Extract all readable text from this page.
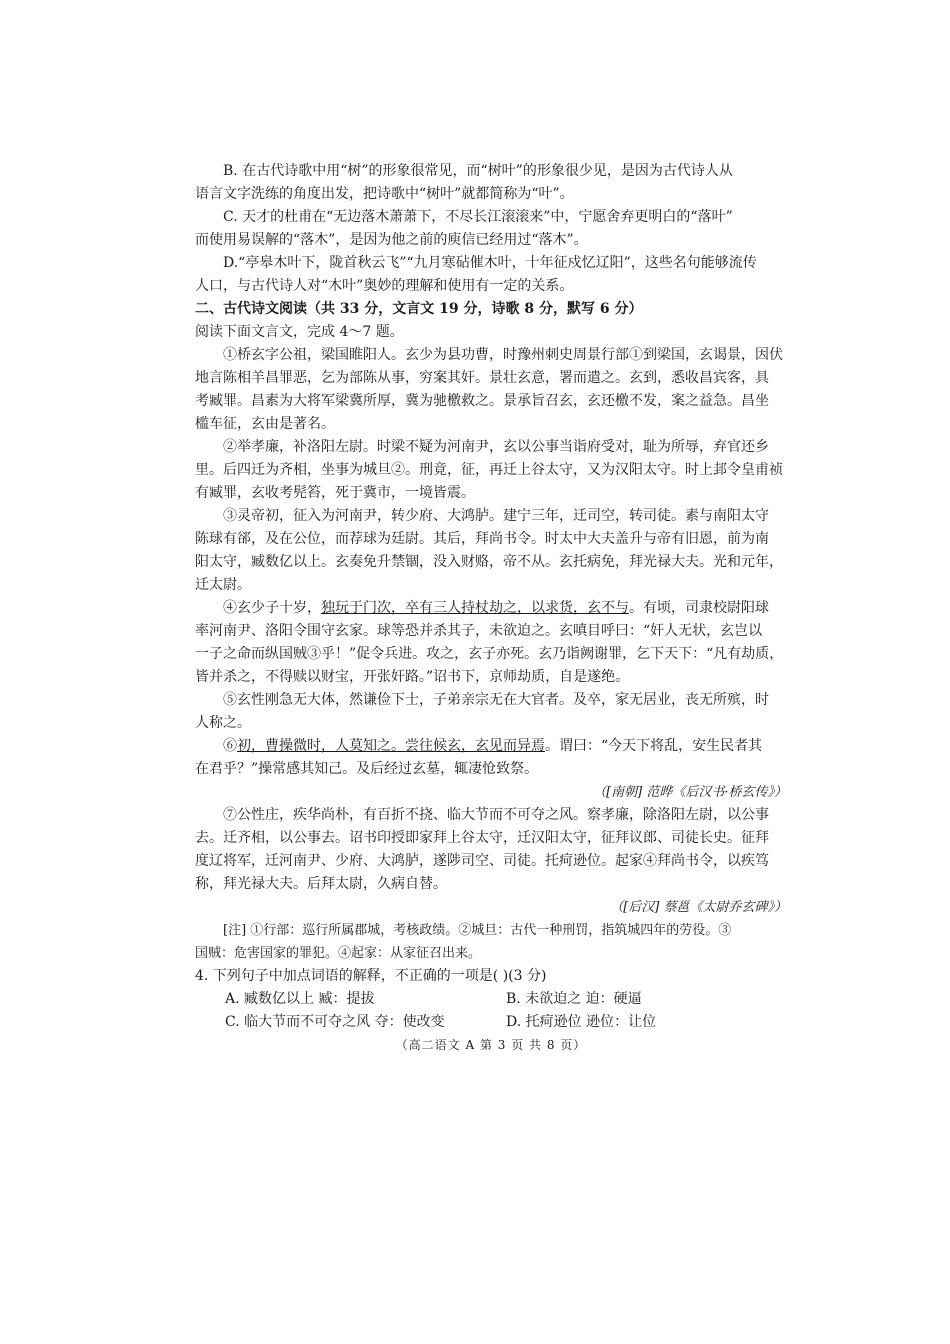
B. 在古代诗歌中用“树”的形象很常见，而“树叶”的形象很少见，是因为古代诗人从
语言文字洗练的角度出发，把诗歌中“树叶”就都简称为“叶”。
C. 天才的杜甫在“无边落木萧萧下，不尽长江滚滚来”中，宁愿舍弃更明白的“落叶”
而使用易误解的“落木”，是因为他之前的庾信已经用过“落木”。
D.“亭皋木叶下，陇首秋云飞”“九月寒砧催木叶，十年征戍忆辽阳”，这些名句能够流传
人口，与古代诗人对“木叶”奥妙的理解和使用有一定的关系。
二、古代诗文阅读（共 33 分，文言文 19 分，诗歌 8 分，默写 6 分）
阅读下面文言文，完成 4～7 题。
①桥玄字公祖，梁国睢阳人。玄少为县功曹，时豫州刺史周景行部①到梁国，玄谒景，因伏
地言陈相羊昌罪恶，乞为部陈从事，穷案其奸。景壮玄意，署而遣之。玄到，悉收昌宾客，具
考臧罪。昌素为大将军梁冀所厚，冀为驰檄救之。景承旨召玄，玄还檄不发，案之益急。昌坐
槛车征，玄由是著名。
②举孝廉，补洛阳左尉。时梁不疑为河南尹，玄以公事当诣府受对，耻为所辱，弃官还乡
里。后四迁为齐相，坐事为城旦②。刑竟，征，再迁上谷太守，又为汉阳太守。时上邽令皇甫祯
有臧罪，玄收考髡笞，死于冀市，一境皆震。
③灵帝初，征入为河南尹，转少府、大鸿胪。建宁三年，迁司空，转司徒。素与南阳太守
陈球有郤，及在公位，而荐球为廷尉。其后，拜尚书令。时太中大夫盖升与帝有旧恩，前为南
阳太守，臧数亿以上。玄奏免升禁锢，没入财赂，帝不从。玄托病免，拜光禄大夫。光和元年，
迁太尉。
④玄少子十岁，独玩于门次，卒有三人持杖劫之，以求货，玄不与。有顷，司隶校尉阳球
率河南尹、洛阳令围守玄家。球等恐并杀其子，未欲迫之。玄嗔目呼曰：“奸人无状，玄岂以
一子之命而纵国贼③乎！”促令兵进。攻之，玄子亦死。玄乃诣阙谢罪，乞下天下：“凡有劫质，
皆并杀之，不得赎以财宝，开张奸路。”诏书下，京师劫质，自是遂绝。
⑤玄性刚急无大体，然谦俭下士，子弟亲宗无在大官者。及卒，家无居业，丧无所殡，时
人称之。
⑥初，曹操微时，人莫知之。尝往候玄，玄见而异焉。谓曰：“今天下将乱，安生民者其
在君乎？”操常感其知己。及后经过玄墓，辄凄怆致祭。
（[南朝] 范晔《后汉书·桥玄传》）
⑦公性庄，疾华尚朴，有百折不挠、临大节而不可夺之风。察孝廉，除洛阳左尉，以公事
去。迁齐相，以公事去。诏书印授即家拜上谷太守，迁汉阳太守，征拜议郎、司徒长史。征拜
度辽将军，迁河南尹、少府、大鸿胪，遂陟司空、司徒。托疴逊位。起家④拜尚书令，以疾笃
称，拜光禄大夫。后拜太尉，久病自替。
（[后汉] 蔡邕《太尉乔玄碑》）
[注] ①行部：巡行所属郡城，考核政绩。②城旦：古代一种刑罚，指筑城四年的劳役。③
国贼：危害国家的罪犯。④起家：从家征召出来。
4. 下列句子中加点词语的解释，不正确的一项是( )(3 分)
A. 臧数亿以上 臧：提拔	B. 未欲迫之 迫：硬逼
C. 临大节而不可夺之风 夺：使改变	D. 托疴逊位 逊位：让位
（高二语文 A 第 3 页 共 8 页）
